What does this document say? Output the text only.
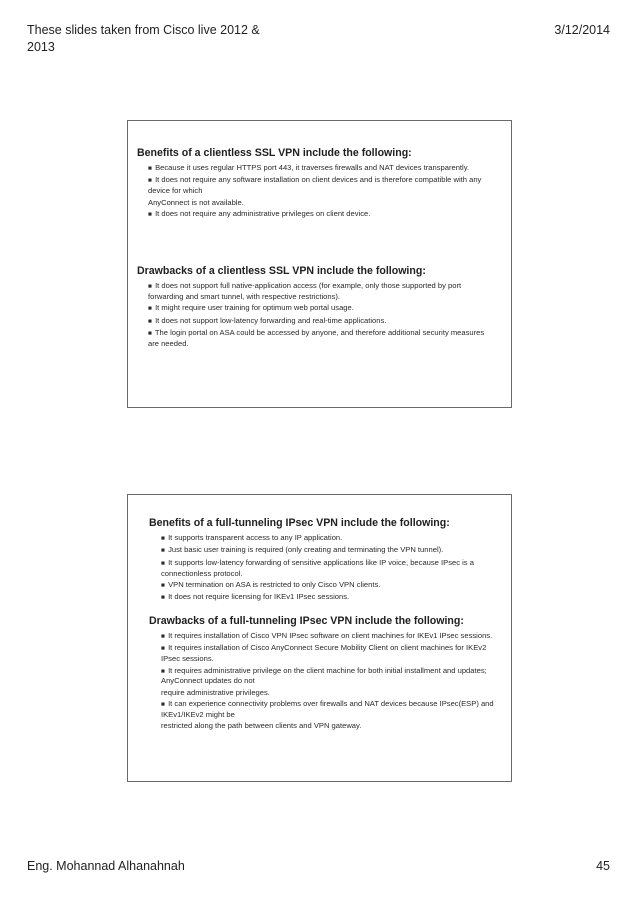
These slides taken from Cisco live 2012 & 2013
3/12/2014

Benefits of a clientless SSL VPN include the following:

■ Because it uses regular HTTPS port 443, it traverses firewalls and NAT devices transparently.

■ It does not require any software installation on client devices and is therefore compatible with any device for which

AnyConnect is not available.

■ It does not require any administrative privileges on client device.

Drawbacks of a clientless SSL VPN include the following:

■ It does not support full native-application access (for example, only those supported by port forwarding and smart tunnel, with respective restrictions).

■ It might require user training for optimum web portal usage.

■ It does not support low-latency forwarding and real-time applications.

■ The login portal on ASA could be accessed by anyone, and therefore additional security measures are needed.

Benefits of a full-tunneling IPsec VPN include the following:

■ It supports transparent access to any IP application.

■ Just basic user training is required (only creating and terminating the VPN tunnel).

■ It supports low-latency forwarding of sensitive applications like IP voice, because IPsec is a connectionless protocol.

■ VPN termination on ASA is restricted to only Cisco VPN clients.

■ It does not require licensing for IKEv1 IPsec sessions.

Drawbacks of a full-tunneling IPsec VPN include the following:

■ It requires installation of Cisco VPN IPsec software on client machines for IKEv1 IPsec sessions.

■ It requires installation of Cisco AnyConnect Secure Mobility Client on client machines for IKEv2 IPsec sessions.

■ It requires administrative privilege on the client machine for both initial installment and updates; AnyConnect updates do not

require administrative privileges.

■ It can experience connectivity problems over firewalls and NAT devices because IPsec(ESP) and IKEv1/IKEv2 might be

restricted along the path between clients and VPN gateway.

Eng. Mohannad Alhanahnah	45
